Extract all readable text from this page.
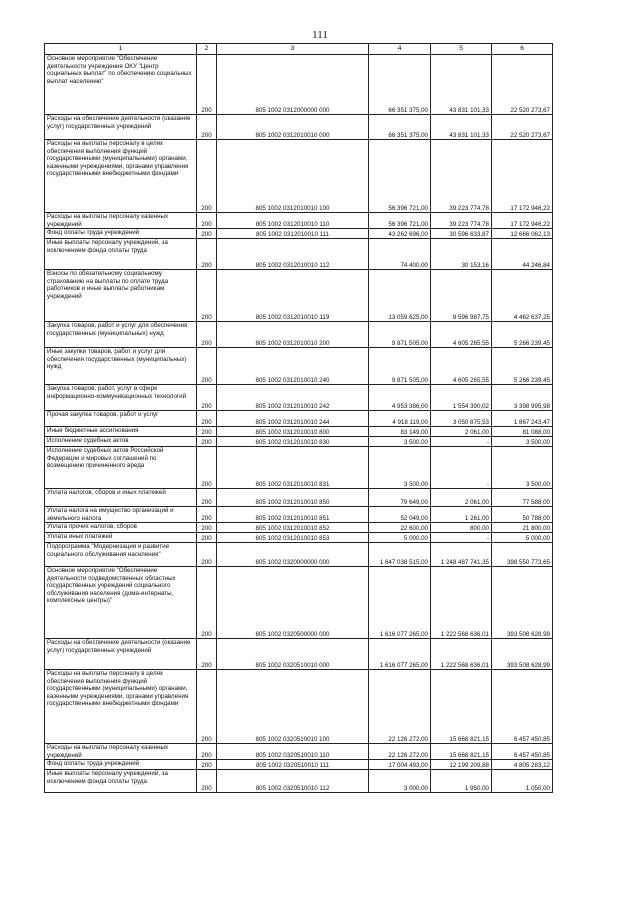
111
1	2	3	4	5	6
Основное мероприятие "Обеспечение деятельности учреждения ОКУ "Центр социальных выплат" по обеспечению социальных выплат населению"	200	805 1002 0312000000 000	66 351 375,00	43 831 101,33	22 520 273,67
Расходы на обеспечение деятельности (оказание услуг) государственных учреждений	200	805 1002 0312010010 000	66 351 375,00	43 831 101,33	22 520 273,67
Расходы на выплаты персоналу в целях обеспечения выполнения функций государственными (муниципальными) органами, казенными учреждениями, органами управления государственными внебюджетными фондами	200	805 1002 0312010010 100	56 396 721,00	39 223 774,78	17 172 946,22
Расходы на выплаты персоналу казенных учреждений	200	805 1002 0312010010 110	56 396 721,00	39 223 774,78	17 172 946,22
Фонд оплаты труда учреждений	200	805 1002 0312010010 111	43 262 696,00	30 596 633,87	12 666 062,13
Иные выплаты персоналу учреждений, за исключением фонда оплаты труда	200	805 1002 0312010010 112	74 400,00	30 153,16	44 246,84
Взносы по обязательному социальному страхованию на выплаты по оплате труда работников и иные выплаты работникам учреждений	200	805 1002 0312010010 119	13 059 625,00	8 596 987,75	4 462 637,25
Закупка товаров, работ и услуг для обеспечения государственных (муниципальных) нужд	200	805 1002 0312010010 200	9 871 505,00	4 605 265,55	5 266 239,45
Иные закупки товаров, работ и услуг для обеспечения государственных (муниципальных) нужд	200	805 1002 0312010010 240	9 871 505,00	4 605 265,55	5 266 239,45
Закупка товаров, работ, услуг в сфере информационно-коммуникационных технологий	200	805 1002 0312010010 242	4 953 386,00	1 554 390,02	3 398 995,98
Прочая закупка товаров, работ и услуг	200	805 1002 0312010010 244	4 918 119,00	3 050 875,53	1 867 243,47
Иные бюджетные ассигнования	200	805 1002 0312010010 800	83 149,00	2 061,00	81 088,00
Исполнение судебных актов	200	805 1002 0312010010 830	3 500,00	-	3 500,00
Исполнение судебных актов Российской Федерации и мировых соглашений по возмещению причиненного вреда	200	805 1002 0312010010 831	3 500,00	-	3 500,00
Уплата налогов, сборов и иных платежей	200	805 1002 0312010010 850	79 649,00	2 061,00	77 588,00
Уплата налога на имущество организаций и земельного налога	200	805 1002 0312010010 851	52 049,00	1 261,00	50 788,00
Уплата прочих налогов, сборов	200	805 1002 0312010010 852	22 600,00	800,00	21 800,00
Уплата иных платежей	200	805 1002 0312010010 853	5 000,00	-	5 000,00
Подпрограмма "Модернизация и развитие социального обслуживания населения"	200	805 1002 0320000000 000	1 647 038 515,00	1 248 487 741,35	398 550 773,65
Основное мероприятие "Обеспечение деятельности подведомственных областных государственных учреждений социального обслуживания населения (дома-интернаты, комплексные центры)"	200	805 1002 0320500000 000	1 616 077 265,00	1 222 568 636,01	393 508 628,99
Расходы на обеспечение деятельности (оказание услуг) государственных учреждений	200	805 1002 0320510010 000	1 616 077 265,00	1 222 568 636,01	393 508 628,99
Расходы на выплаты персоналу в целях обеспечения выполнения функций государственными (муниципальными) органами, казенными учреждениями, органами управления государственными внебюджетными фондами	200	805 1002 0320510010 100	22 126 272,00	15 668 821,15	6 457 450,85
Расходы на выплаты персоналу казенных учреждений	200	805 1002 0320510010 110	22 126 272,00	15 668 821,15	6 457 450,85
Фонд оплаты труда учреждений	200	805 1002 0320510010 111	17 004 493,00	12 199 209,88	4 805 283,12
Иные выплаты персоналу учреждений, за исключением фонда оплаты труда	200	805 1002 0320510010 112	3 000,00	1 950,00	1 050,00
